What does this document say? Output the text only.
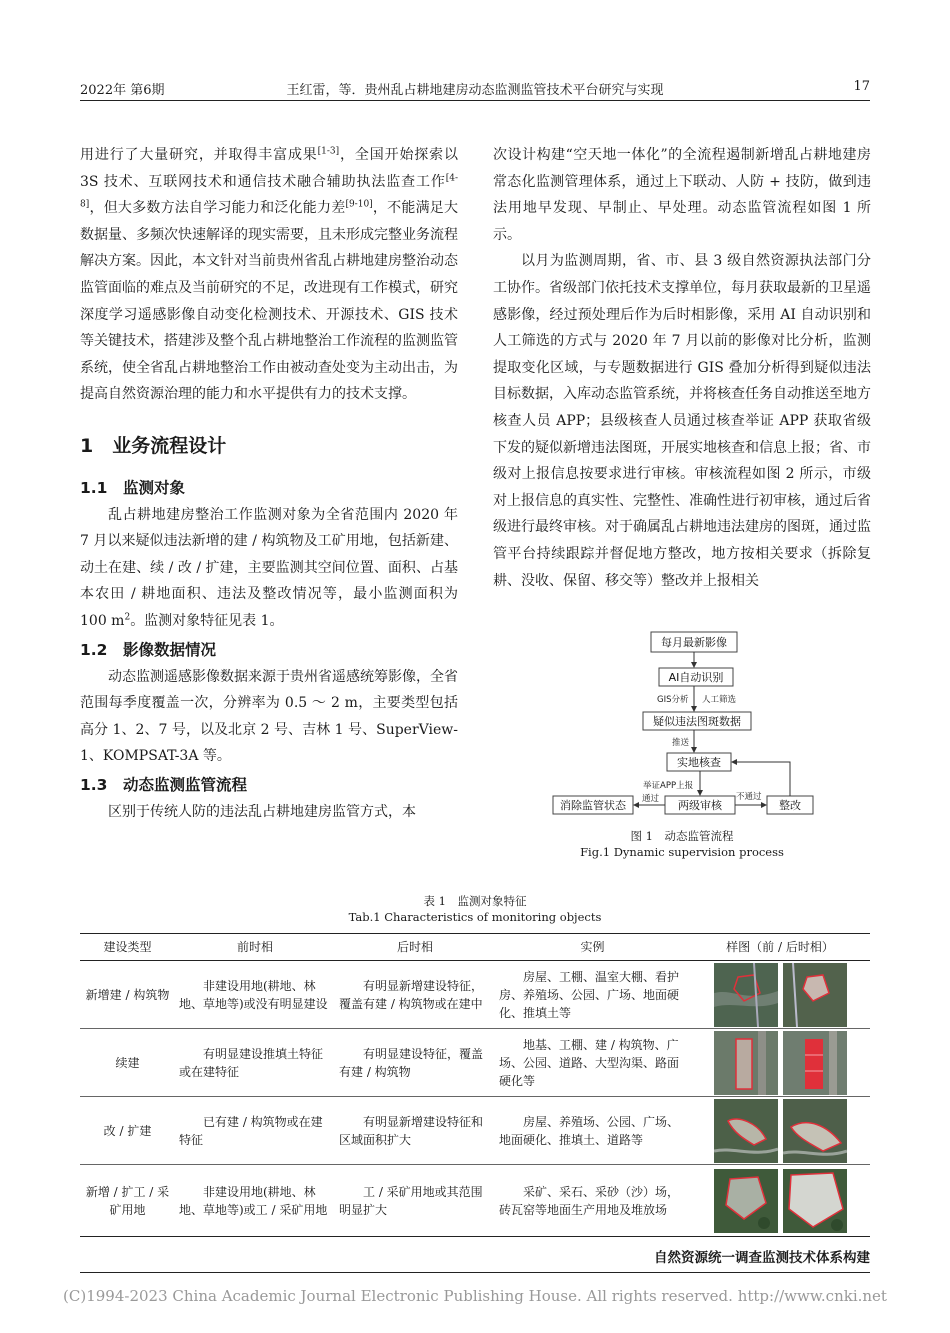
2022年 第6期	王红雷，等．贵州乱占耕地建房动态监测监管技术平台研究与实现	17

用进行了大量研究，并取得丰富成果[1-3]，全国开始探索以 3S 技术、互联网技术和通信技术融合辅助执法监查工作[4-8]，但大多数方法自学习能力和泛化能力差[9-10]，不能满足大数据量、多频次快速解译的现实需要，且未形成完整业务流程解决方案。因此，本文针对当前贵州省乱占耕地建房整治动态监管面临的难点及当前研究的不足，改进现有工作模式，研究深度学习遥感影像自动变化检测技术、开源技术、GIS 技术等关键技术，搭建涉及整个乱占耕地整治工作流程的监测监管系统，使全省乱占耕地整治工作由被动查处变为主动出击，为提高自然资源治理的能力和水平提供有力的技术支撑。

1　业务流程设计
1.1　监测对象

乱占耕地建房整治工作监测对象为全省范围内 2020 年 7 月以来疑似违法新增的建 / 构筑物及工矿用地，包括新建、动土在建、续 / 改 / 扩建，主要监测其空间位置、面积、占基本农田 / 耕地面积、违法及整改情况等，最小监测面积为 100 $m^2$。监测对象特征见表 1。

1.2　影像数据情况

动态监测遥感影像数据来源于贵州省遥感统筹影像，全省范围每季度覆盖一次，分辨率为 0.5 ～ 2 m，主要类型包括高分 1、2、7 号，以及北京 2 号、吉林 1 号、SuperView-1、KOMPSAT-3A 等。

1.3　动态监测监管流程

区别于传统人防的违法乱占耕地建房监管方式，本

次设计构建“空天地一体化”的全流程遏制新增乱占耕地建房常态化监测管理体系，通过上下联动、人防 + 技防，做到违法用地早发现、早制止、早处理。动态监管流程如图 1 所示。

以月为监测周期，省、市、县 3 级自然资源执法部门分工协作。省级部门依托技术支撑单位，每月获取最新的卫星遥感影像，经过预处理后作为后时相影像，采用 AI 自动识别和人工筛选的方式与 2020 年 7 月以前的影像对比分析，监测提取变化区域，与专题数据进行 GIS 叠加分析得到疑似违法目标数据，入库动态监管系统，并将核查任务自动推送至地方核查人员 APP；县级核查人员通过核查举证 APP 获取省级下发的疑似新增违法图斑，开展实地核查和信息上报；省、市级对上报信息按要求进行审核。审核流程如图 2 所示，市级对上报信息的真实性、完整性、准确性进行初审核，通过后省级进行最终审核。对于确属乱占耕地违法建房的图斑，通过监管平台持续跟踪并督促地方整改，地方按相关要求（拆除复耕、没收、保留、移交等）整改并上报相关

每月最新影像
AI自动识别
疑似违法图斑数据
实地核查
两级审核
消除监管状态	整改
GIS分析 人工筛选
推送
举证APP上报
通过	不通过
图 1　动态监管流程
Fig.1 Dynamic supervision process
表 1　监测对象特征
Tab.1 Characteristics of monitoring objects
建设类型	前时相	后时相	实例	样图（前 / 后时相）
新增建 / 构筑物	非建设用地(耕地、林地、草地等)或没有明显建设	有明显新增建设特征，覆盖有建 / 构筑物或在建中	房屋、工棚、温室大棚、看护房、养殖场、公园、广场、地面硬化、推填土等	

续建	有明显建设推填土特征或在建特征	有明显建设特征，覆盖有建 / 构筑物	地基、工棚、建 / 构筑物、广场、公园、道路、大型沟渠、路面硬化等	

改 / 扩建	已有建 / 构筑物或在建特征	有明显新增建设特征和区域面积扩大	房屋、养殖场、公园、广场、地面硬化、推填土、道路等	

新增 / 扩工 / 采矿用地	非建设用地(耕地、林地、草地等)或工 / 采矿用地	工 / 采矿用地或其范围明显扩大	采矿、采石、采砂（沙）场，砖瓦窑等地面生产用地及堆放场	
自然资源统一调查监测技术体系构建
(C)1994-2023 China Academic Journal Electronic Publishing House. All rights reserved. http://www.cnki.net
